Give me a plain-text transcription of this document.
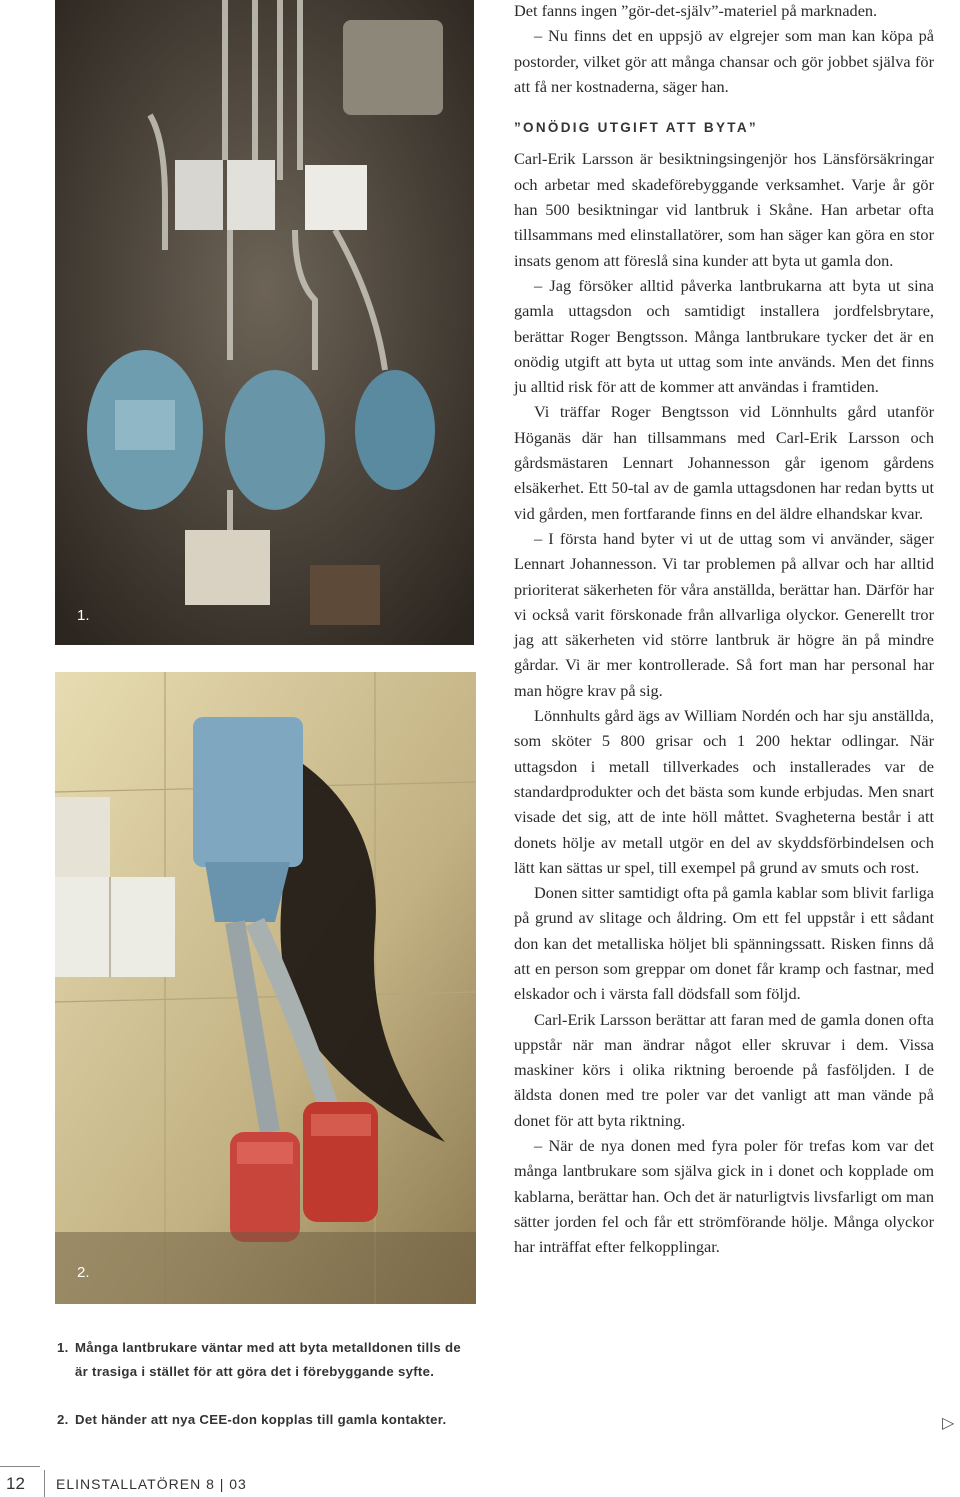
1.
2.
1. Många lantbrukare väntar med att byta metalldonen tills de
är trasiga i stället för att göra det i förebyggande syfte.
2. Det händer att nya CEE-don kopplas till gamla kontakter.

Det fanns ingen ”gör-det-själv”-materiel på marknaden.

– Nu finns det en uppsjö av elgrejer som man kan köpa på postorder, vilket gör att många chansar och gör jobbet själva för att få ner kostnaderna, säger han.

”ONÖDIG UTGIFT ATT BYTA”

Carl-Erik Larsson är besiktningsingenjör hos Länsförsäkringar och arbetar med skadeförebyggande verksamhet. Varje år gör han 500 besiktningar vid lantbruk i Skåne. Han arbetar ofta tillsammans med elinstallatörer, som han säger kan göra en stor insats genom att föreslå sina kunder att byta ut gamla don.

– Jag försöker alltid påverka lantbrukarna att byta ut sina gamla uttagsdon och samtidigt installera jordfelsbrytare, berättar Roger Bengtsson. Många lantbrukare tycker det är en onödig utgift att byta ut uttag som inte används. Men det finns ju alltid risk för att de kommer att användas i framtiden.

Vi träffar Roger Bengtsson vid Lönnhults gård utanför Höganäs där han tillsammans med Carl-Erik Larsson och gårdsmästaren Lennart Johannesson går igenom gårdens elsäkerhet. Ett 50-tal av de gamla uttagsdonen har redan bytts ut vid gården, men fortfarande finns en del äldre elhandskar kvar.

– I första hand byter vi ut de uttag som vi använder, säger Lennart Johannesson. Vi tar problemen på allvar och har alltid prioriterat säkerheten för våra anställda, berättar han. Därför har vi också varit förskonade från allvarliga olyckor. Generellt tror jag att säkerheten vid större lantbruk är högre än på mindre gårdar. Vi är mer kontrollerade. Så fort man har personal har man högre krav på sig.

Lönnhults gård ägs av William Nordén och har sju anställda, som sköter 5 800 grisar och 1 200 hektar odlingar. När uttagsdon i metall tillverkades och installerades var de standardprodukter och det bästa som kunde erbjudas. Men snart visade det sig, att de inte höll måttet. Svagheterna består i att donets hölje av metall utgör en del av skyddsförbindelsen och lätt kan sättas ur spel, till exempel på grund av smuts och rost.

Donen sitter samtidigt ofta på gamla kablar som blivit farliga på grund av slitage och åldring. Om ett fel uppstår i ett sådant don kan det metalliska höljet bli spänningssatt. Risken finns då att en person som greppar om donet får kramp och fastnar, med elskador och i värsta fall dödsfall som följd.

Carl-Erik Larsson berättar att faran med de gamla donen ofta uppstår när man ändrar något eller skruvar i dem. Vissa maskiner körs i olika riktning beroende på fasföljden. I de äldsta donen med tre poler var det vanligt att man vände på donet för att byta riktning.

– När de nya donen med fyra poler för trefas kom var det många lantbrukare som själva gick in i donet och kopplade om kablarna, berättar han. Och det är naturligtvis livsfarligt om man sätter jorden fel och får ett strömförande hölje. Många olyckor har inträffat efter felkopplingar.

▷
12 ELINSTALLATÖREN 8 | 03
